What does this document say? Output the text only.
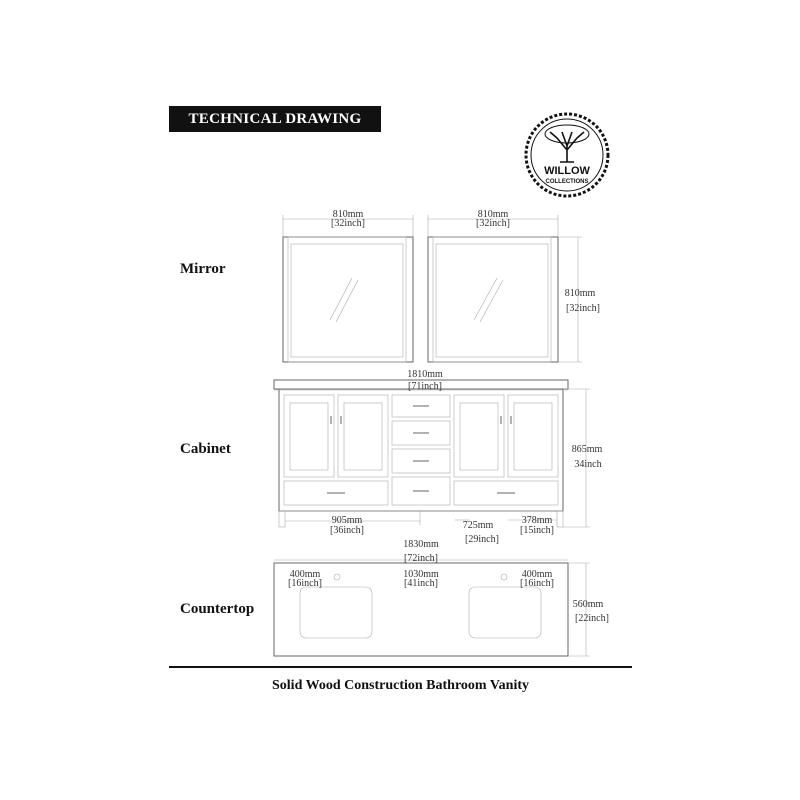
TECHNICAL DRAWING
Mirror
Cabinet
Countertop
Solid Wood Construction Bathroom Vanity
WILLOW
COLLECTIONS
810mm
[32inch]
810mm
[32inch]
810mm
[32inch]
1810mm
[71inch]
865mm
34inch
905mm
[36inch]	725mm
[29inch]
378mm
[15inch]
1830mm
[72inch]
400mm
[16inch]
1030mm
[41inch]
400mm
[16inch]
560mm
[22inch]
